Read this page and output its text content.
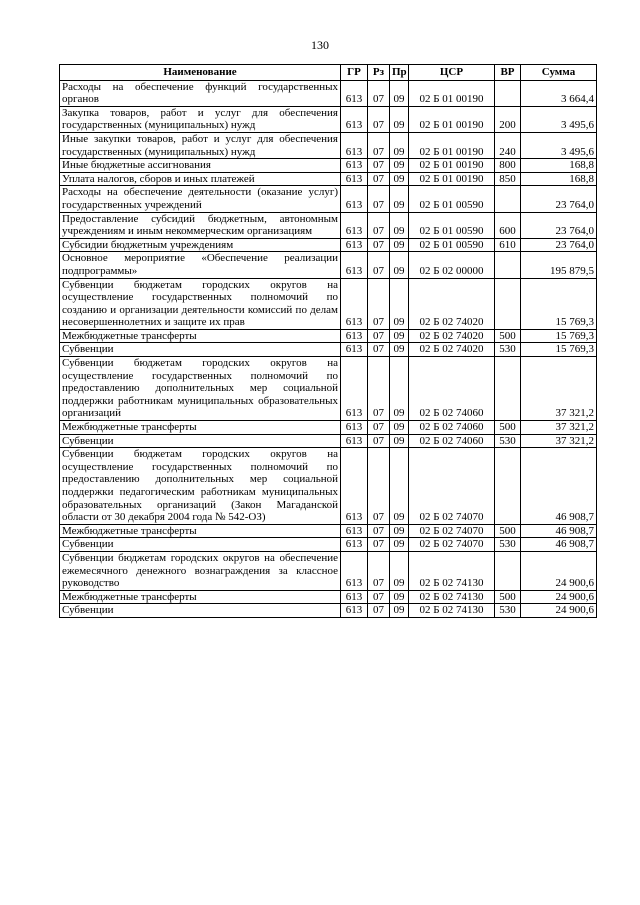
130
Наименование	ГР	Рз	Пр	ЦСР	ВР	Сумма
Расходы на обеспечение функций государственных органов	613	07	09	02 Б 01 00190		3 664,4
Закупка товаров, работ и услуг для обеспечения государственных (муниципальных) нужд	613	07	09	02 Б 01 00190	200	3 495,6
Иные закупки товаров, работ и услуг для обеспечения государственных (муниципальных) нужд	613	07	09	02 Б 01 00190	240	3 495,6
Иные бюджетные ассигнования	613	07	09	02 Б 01 00190	800	168,8
Уплата налогов, сборов и иных платежей	613	07	09	02 Б 01 00190	850	168,8
Расходы на обеспечение деятельности (оказание услуг) государственных учреждений	613	07	09	02 Б 01 00590		23 764,0
Предоставление субсидий бюджетным, автономным учреждениям и иным некоммерческим организациям	613	07	09	02 Б 01 00590	600	23 764,0
Субсидии бюджетным учреждениям	613	07	09	02 Б 01 00590	610	23 764,0
Основное мероприятие «Обеспечение реализации подпрограммы»	613	07	09	02 Б 02 00000		195 879,5
Субвенции бюджетам городских округов на осуществление государственных полномочий по созданию и организации деятельности комиссий по делам несовершеннолетних и защите их прав	613	07	09	02 Б 02 74020		15 769,3
Межбюджетные трансферты	613	07	09	02 Б 02 74020	500	15 769,3
Субвенции	613	07	09	02 Б 02 74020	530	15 769,3
Субвенции бюджетам городских округов на осуществление государственных полномочий по предоставлению дополнительных мер социальной поддержки работникам муниципальных образовательных организаций	613	07	09	02 Б 02 74060		37 321,2
Межбюджетные трансферты	613	07	09	02 Б 02 74060	500	37 321,2
Субвенции	613	07	09	02 Б 02 74060	530	37 321,2
Субвенции бюджетам городских округов на осуществление государственных полномочий по предоставлению дополнительных мер социальной поддержки педагогическим работникам муниципальных образовательных организаций (Закон Магаданской области от 30 декабря 2004 года № 542-ОЗ)	613	07	09	02 Б 02 74070		46 908,7
Межбюджетные трансферты	613	07	09	02 Б 02 74070	500	46 908,7
Субвенции	613	07	09	02 Б 02 74070	530	46 908,7
Субвенции бюджетам городских округов на обеспечение ежемесячного денежного вознаграждения за классное руководство	613	07	09	02 Б 02 74130		24 900,6
Межбюджетные трансферты	613	07	09	02 Б 02 74130	500	24 900,6
Субвенции	613	07	09	02 Б 02 74130	530	24 900,6
